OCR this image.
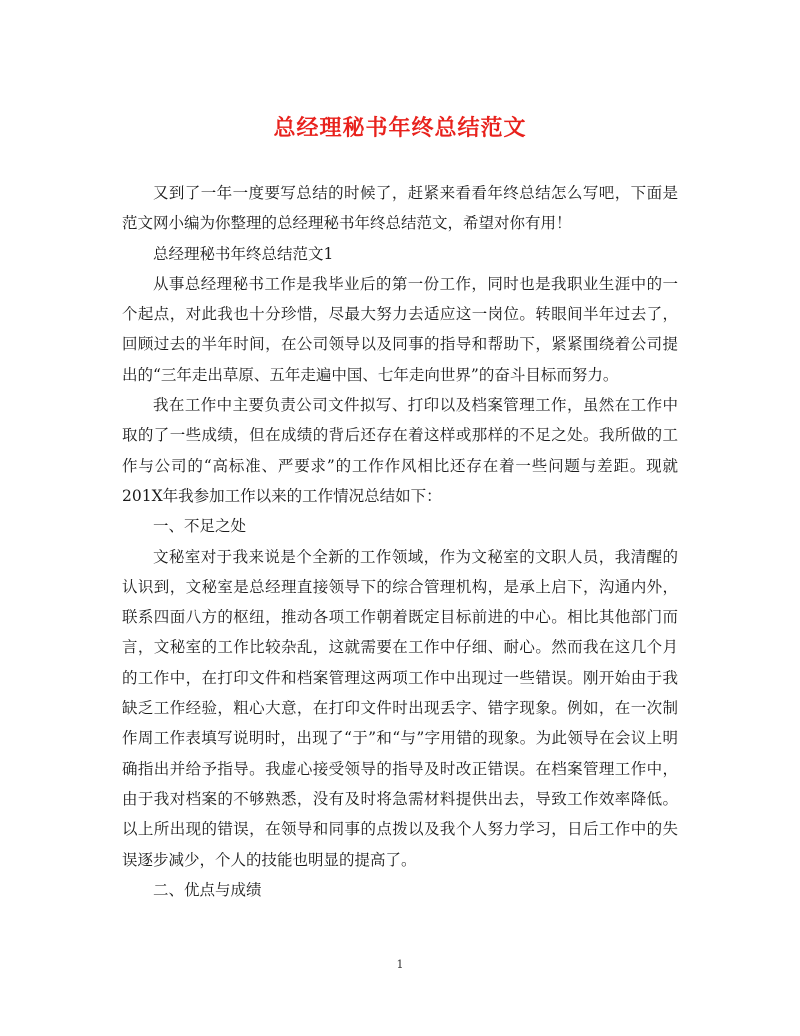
总经理秘书年终总结范文

又到了一年一度要写总结的时候了，赶紧来看看年终总结怎么写吧，下面是范文网小编为你整理的总经理秘书年终总结范文，希望对你有用！

总经理秘书年终总结范文1

从事总经理秘书工作是我毕业后的第一份工作，同时也是我职业生涯中的一个起点，对此我也十分珍惜，尽最大努力去适应这一岗位。转眼间半年过去了，回顾过去的半年时间，在公司领导以及同事的指导和帮助下，紧紧围绕着公司提出的“三年走出草原、五年走遍中国、七年走向世界”的奋斗目标而努力。

我在工作中主要负责公司文件拟写、打印以及档案管理工作，虽然在工作中取的了一些成绩，但在成绩的背后还存在着这样或那样的不足之处。我所做的工作与公司的“高标准、严要求”的工作作风相比还存在着一些问题与差距。现就201X年我参加工作以来的工作情况总结如下：

一、不足之处

文秘室对于我来说是个全新的工作领域，作为文秘室的文职人员，我清醒的认识到，文秘室是总经理直接领导下的综合管理机构，是承上启下，沟通内外，联系四面八方的枢纽，推动各项工作朝着既定目标前进的中心。相比其他部门而言，文秘室的工作比较杂乱，这就需要在工作中仔细、耐心。然而我在这几个月的工作中，在打印文件和档案管理这两项工作中出现过一些错误。刚开始由于我缺乏工作经验，粗心大意，在打印文件时出现丢字、错字现象。例如，在一次制作周工作表填写说明时，出现了“于”和“与”字用错的现象。为此领导在会议上明确指出并给予指导。我虚心接受领导的指导及时改正错误。在档案管理工作中，由于我对档案的不够熟悉，没有及时将急需材料提供出去，导致工作效率降低。以上所出现的错误，在领导和同事的点拨以及我个人努力学习，日后工作中的失误逐步减少，个人的技能也明显的提高了。

二、优点与成绩

1
